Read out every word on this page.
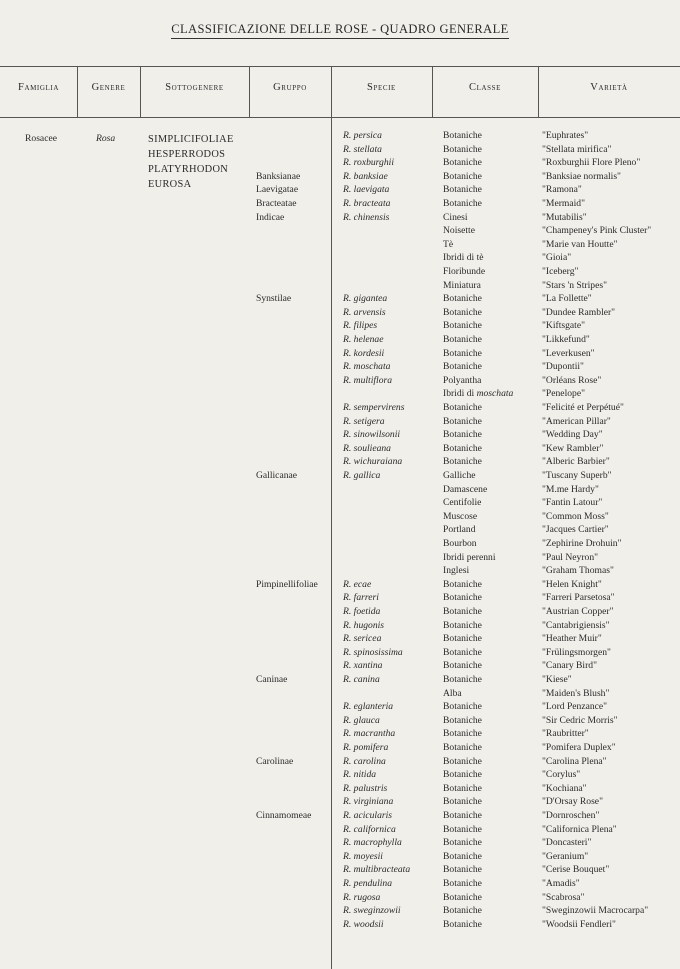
CLASSIFICAZIONE DELLE ROSE - QUADRO GENERALE
Famiglia	Genere	Sottogenere	Gruppo	Specie	Classe	Varietà
Rosacee	Rosa	SIMPLICIFOLIAE
HESPERRODOS
PLATYRHODON
EUROSA
Banksianae
Laevigatae
Bracteatae
Indicae
Synstilae
Gallicanae
Pimpinellifoliae
Caninae
Carolinae
Cinnamomeae
R. persica	Botaniche	"Euphrates"
R. stellata	Botaniche	"Stellata mirifica"
R. roxburghii	Botaniche	"Roxburghii Flore Pleno"
R. banksiae	Botaniche	"Banksiae normalis"
R. laevigata	Botaniche	"Ramona"
R. bracteata	Botaniche	"Mermaid"
R. chinensis	Cinesi	"Mutabilis"
Noisette	"Champeney's Pink Cluster"
Tè	"Marie van Houtte"
Ibridi di tè	"Gioia"
Floribunde	"Iceberg"
Miniatura	"Stars 'n Stripes"
R. gigantea	Botaniche	"La Follette"
R. arvensis	Botaniche	"Dundee Rambler"
R. filipes	Botaniche	"Kiftsgate"
R. helenae	Botaniche	"Likkefund"
R. kordesii	Botaniche	"Leverkusen"
R. moschata	Botaniche	"Dupontii"
R. multiflora	Polyantha	"Orléans Rose"
Ibridi di moschata	"Penelope"
R. sempervirens	Botaniche	"Felicité et Perpétué"
R. setigera	Botaniche	"American Pillar"
R. sinowilsonii	Botaniche	"Wedding Day"
R. soulieana	Botaniche	"Kew Rambler"
R. wichuraiana	Botaniche	"Alberic Barbier"
R. gallica	Galliche	"Tuscany Superb"
Damascene	"M.me Hardy"
Centifolie	"Fantin Latour"
Muscose	"Common Moss"
Portland	"Jacques Cartier"
Bourbon	"Zephirine Drohuin"
Ibridi perenni	"Paul Neyron"
Inglesi	"Graham Thomas"
R. ecae	Botaniche	"Helen Knight"
R. farreri	Botaniche	"Farreri Parsetosa"
R. foetida	Botaniche	"Austrian Copper"
R. hugonis	Botaniche	"Cantabrigiensis"
R. sericea	Botaniche	"Heather Muir"
R. spinosissima	Botaniche	"Frülingsmorgen"
R. xantina	Botaniche	"Canary Bird"
R. canina	Botaniche	"Kiese"
Alba	"Maiden's Blush"
R. eglanteria	Botaniche	"Lord Penzance"
R. glauca	Botaniche	"Sir Cedric Morris"
R. macrantha	Botaniche	"Raubritter"
R. pomifera	Botaniche	"Pomifera Duplex"
R. carolina	Botaniche	"Carolina Plena"
R. nitida	Botaniche	"Corylus"
R. palustris	Botaniche	"Kochiana"
R. virginiana	Botaniche	"D'Orsay Rose"
R. acicularis	Botaniche	"Dornroschen"
R. californica	Botaniche	"Californica Plena"
R. macrophylla	Botaniche	"Doncasteri"
R. moyesii	Botaniche	"Geranium"
R. multibracteata	Botaniche	"Cerise Bouquet"
R. pendulina	Botaniche	"Amadis"
R. rugosa	Botaniche	"Scabrosa"
R. sweginzowii	Botaniche	"Sweginzowii Macrocarpa"
R. woodsii	Botaniche	"Woodsii Fendleri"
